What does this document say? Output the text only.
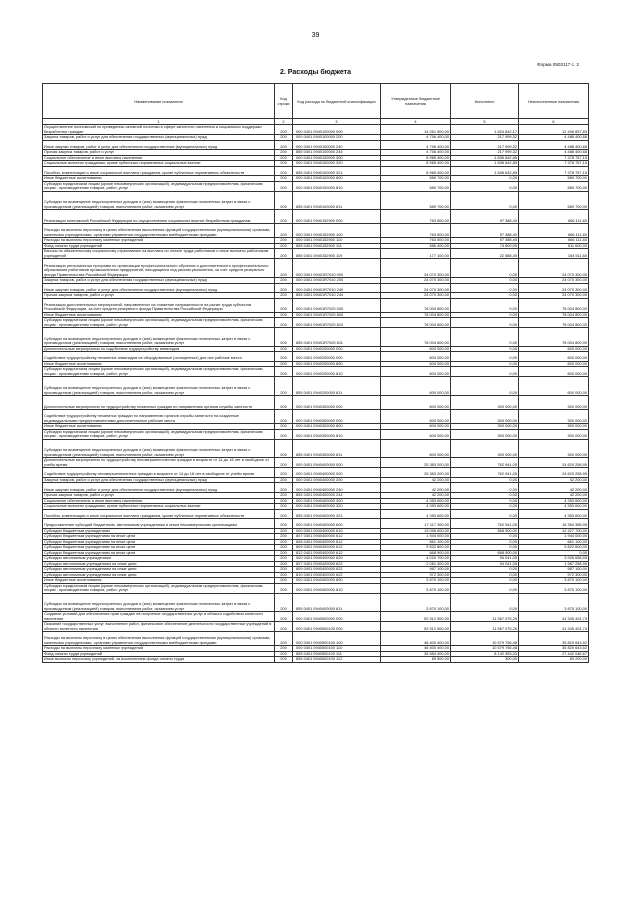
39
Форма 0503117 с. 2
2. Расходы бюджета
Наименование показателя	Код строки	Код расхода по бюджетной классификации	Утвержденные бюджетные назначения	Исполнено	Неисполненные назначения
1	2	3	4	5	6
Осуществление полномочий по проведению активной политики в сфере занятости населения и социальных поддержки безработных граждан	200	000 0401 0940100000 000	14 261 500,00	1 824 842,17	12 436 657,83
Закупка товаров, работ и услуг для обеспечения государственных (муниципальных) нужд	200	000 0401 0940100000 200	4 706 400,00	217 999,32	4 488 400,68
Иные закупки товаров, работ и услуг для обеспечения государственных (муниципальных) нужд	200	000 0401 0940100000 240	4 706 400,00	217 999,32	4 488 400,68
Прочая закупка товаров, работ и услуг	200	855 0401 0940100000 244	4 706 400,00	217 999,32	4 488 400,68
Социальное обеспечение и иные выплаты населению	200	000 0401 0940100000 300	8 965 400,00	1 606 642,85	7 378 757,15
Социальные выплаты гражданам, кроме публичных нормативных социальных выплат	200	000 0401 0940100000 320	8 965 400,00	1 606 642,85	7 378 757,15
Пособия, компенсации и иные социальные выплаты гражданам, кроме публичных нормативных обязательств	200	855 0401 0940100000 321	8 965 400,00	1 606 642,85	7 378 757,15
Иные бюджетные ассигнования	200	000 0401 0940100000 800	589 700,00	0,00	589 700,00
Субсидии юридическим лицам (кроме некоммерческих организаций), индивидуальным предпринимателям, физическим лицам - производителям товаров, работ, услуг	200	000 0401 0940100000 810	589 700,00	0,00	589 700,00
Субсидии на возмещение недополученных доходов и (или) возмещение фактически понесенных затрат в связи с производством (реализацией) товаров, выполнением работ, оказанием услуг	200	855 0401 0940100000 811	589 700,00	0,00	589 700,00
Реализация полномочий Российской Федерации по осуществлению социальных выплат безработным гражданам	200	000 0401 0940152900 000	763 500,00	97 388,40	666 111,60
Расходы на выплаты персоналу в целях обеспечения выполнения функций государственными (муниципальными) органами, казенными учреждениями, органами управления государственными внебюджетными фондами	200	000 0401 0940152900 100	763 500,00	97 388,40	666 111,60
Расходы на выплаты персоналу казенных учреждений	200	000 0401 0940152900 110	763 500,00	97 388,40	666 111,60
Фонд оплаты труда учреждений	200	855 0401 0940152900 111	586 400,00	74 800,00	511 600,00
Взносы по обязательному социальному страхованию на выплаты по оплате труда работников и иные выплаты работникам учреждений	200	855 0401 0940152900 119	177 100,00	22 588,40	154 511,60
Реализация региональных программ по организации профессионального обучения и дополнительного профессионального образования работников промышленных предприятий, находящихся под риском увольнения, за счет средств резервного фонда Правительства Российской Федерации	200	000 0401 09401R7010 000	24 070 300,00	0,00	24 070 300,00
Закупка товаров, работ и услуг для обеспечения государственных (муниципальных) нужд	200	000 0401 09401R7010 200	24 070 300,00	0,00	24 070 300,00
Иные закупки товаров, работ и услуг для обеспечения государственных (муниципальных) нужд	200	000 0401 09401R7010 240	24 070 300,00	0,00	24 070 300,00
Прочая закупка товаров, работ и услуг	200	855 0401 09401R7010 244	24 070 300,00	0,00	24 070 300,00
Реализация дополнительных мероприятий, направленных на снижение напряженности на рынке труда субъектов Российской Федерации, за счет средств резервного фонда Правительства Российской Федерации	200	000 0401 09401R7020 000	78 004 800,00	0,00	78 004 800,00
Иные бюджетные ассигнования	200	000 0401 09401R7020 800	78 004 800,00	0,00	78 004 800,00
Субсидии юридическим лицам (кроме некоммерческих организаций), индивидуальным предпринимателям, физическим лицам - производителям товаров, работ, услуг	200	000 0401 09401R7020 810	78 004 800,00	0,00	78 004 800,00
Субсидии на возмещение недополученных доходов и (или) возмещение фактически понесенных затрат в связи с производством (реализацией) товаров, выполнением работ, оказанием услуг	200	855 0401 09401R7020 811	78 004 800,00	0,00	78 004 800,00
Дополнительные мероприятия по содействию трудоустройству инвалидов	200	000 0401 0940200000 000	600 000,00	0,00	600 000,00
Содействие трудоустройству незанятых инвалидов на оборудованные (оснащенные) для них рабочие места	200	000 0401 0940200000 000	600 000,00	0,00	600 000,00
Иные бюджетные ассигнования	200	000 0401 0940200000 800	600 000,00	0,00	600 000,00
Субсидии юридическим лицам (кроме некоммерческих организаций), индивидуальным предпринимателям, физическим лицам - производителям товаров, работ, услуг	200	000 0401 0940200000 810	600 000,00	0,00	600 000,00
Субсидии на возмещение недополученных доходов и (или) возмещение фактически понесенных затрат в связи с производством (реализацией) товаров, выполнением работ, оказанием услуг	200	855 0401 0940200000 811	600 000,00	0,00	600 000,00
Дополнительные мероприятия по трудоустройству незанятых граждан по направлению органов службы занятости	200	000 0401 0940300000 000	600 000,00	300 000,00	300 000,00
Содействие трудоустройству незанятых граждан по направлению органов службы занятости на созданные индивидуальными предпринимателями дополнительные рабочие места	200	000 0401 0940300000 000	600 000,00	300 000,00	300 000,00
Иные бюджетные ассигнования	200	000 0401 0940300000 800	600 000,00	300 000,00	300 000,00
Субсидии юридическим лицам (кроме некоммерческих организаций), индивидуальным предпринимателям, физическим лицам - производителям товаров, работ, услуг	200	000 0401 0940300000 810	600 000,00	300 000,00	300 000,00
Субсидии на возмещение недополученных доходов и (или) возмещение фактически понесенных затрат в связи с производством (реализацией) товаров, выполнением работ, оказанием услуг	200	855 0401 0940300000 811	600 000,00	300 000,00	300 000,00
Дополнительные мероприятия по трудоустройству несовершеннолетних граждан в возрасте от 14 до 18 лет в свободное от учебы время	200	000 0401 0940400000 000	25 383 200,00	762 941,05	24 620 258,95
Содействие трудоустройству несовершеннолетних граждан в возрасте от 14 до 18 лет в свободное от учебы время	200	000 0401 0940400000 000	25 383 200,00	762 941,05	24 620 258,95
Закупка товаров, работ и услуг для обеспечения государственных (муниципальных) нужд	200	000 0401 0940400000 200	42 200,00	0,00	42 200,00
Иные закупки товаров, работ и услуг для обеспечения государственных (муниципальных) нужд	200	000 0401 0940400000 240	42 200,00	0,00	42 200,00
Прочая закупка товаров, работ и услуг	200	855 0401 0940400000 244	42 200,00	0,00	42 200,00
Социальное обеспечение и иные выплаты населению	200	000 0401 0940400000 300	4 353 600,00	0,00	4 353 600,00
Социальные выплаты гражданам, кроме публичных нормативных социальных выплат	200	000 0401 0940400000 320	4 353 600,00	0,00	4 353 600,00
Пособия, компенсации и иные социальные выплаты гражданам, кроме публичных нормативных обязательств	200	855 0401 0940400000 321	4 353 600,00	0,00	4 353 600,00
Предоставление субсидий бюджетным, автономным учреждениям и иным некоммерческим организациям	200	000 0401 0940400000 600	17 117 300,00	762 941,05	16 354 358,95
Субсидии бюджетным учреждениям	200	000 0401 0940400000 610	13 096 600,00	668 900,00	12 427 700,00
Субсидии бюджетным учреждениям на иные цели	200	807 0401 0940400000 612	1 944 000,00	0,00	1 944 000,00
Субсидии бюджетным учреждениям на иные цели	200	808 0401 0940400000 612	661 100,00	0,00	661 100,00
Субсидии бюджетным учреждениям на иные цели	200	809 0401 0940400000 612	9 822 600,00	0,00	9 822 600,00
Субсидии бюджетным учреждениям на иные цели	200	812 0401 0940400000 612	668 900,00	668 900,00	0,00
Субсидии автономным учреждениям	200	000 0401 0940400000 620	4 020 700,00	94 041,05	3 926 658,95
Субсидии автономным учреждениям на иные цели	200	807 0401 0940400000 622	2 061 300,00	94 041,05	1 967 258,95
Субсидии автономным учреждениям на иные цели	200	809 0401 0940400000 622	987 100,00	0,00	987 100,00
Субсидии автономным учреждениям на иные цели	200	810 0401 0940400000 622	972 300,00	0,00	972 300,00
Иные бюджетные ассигнования	200	000 0401 0940400000 800	3 870 100,00	0,00	3 870 100,00
Субсидии юридическим лицам (кроме некоммерческих организаций), индивидуальным предпринимателям, физическим лицам - производителям товаров, работ, услуг	200	000 0401 0940400000 810	3 870 100,00	0,00	3 870 100,00
Субсидии на возмещение недополученных доходов и (или) возмещение фактически понесенных затрат в связи с производством (реализацией) товаров, выполнением работ, оказанием услуг	200	855 0401 0940400000 811	3 870 100,00	0,00	3 870 100,00
Создание условий для обеспечения прав граждан на получение государственных услуг в области содействия занятости населения	200	000 0401 0940500000 000	52 912 500,00	11 567 075,26	41 345 424,74
Оказание государственных услуг, выполнение работ, финансовое обеспечение деятельности государственных учреждений в области занятости населения	200	000 0401 0940500100 000	52 912 500,00	11 567 075,26	41 345 424,74
Расходы на выплаты персоналу в целях обеспечения выполнения функций государственными (муниципальными) органами, казенными учреждениями, органами управления государственными внебюджетными фондами	200	000 0401 0940500100 100	46 400 400,00	10 579 756,48	35 820 643,52
Расходы на выплаты персоналу казенных учреждений	200	000 0401 0940500100 110	46 400 400,00	10 579 756,48	35 820 643,52
Фонд оплаты труда учреждений	200	855 0401 0940500100 111	35 584 400,00	8 142 353,33	27 442 046,67
Иные выплаты персоналу учреждений, за исключением фонда оплаты труда	200	855 0401 0940500100 112	69 500,00	300,00	69 200,00
